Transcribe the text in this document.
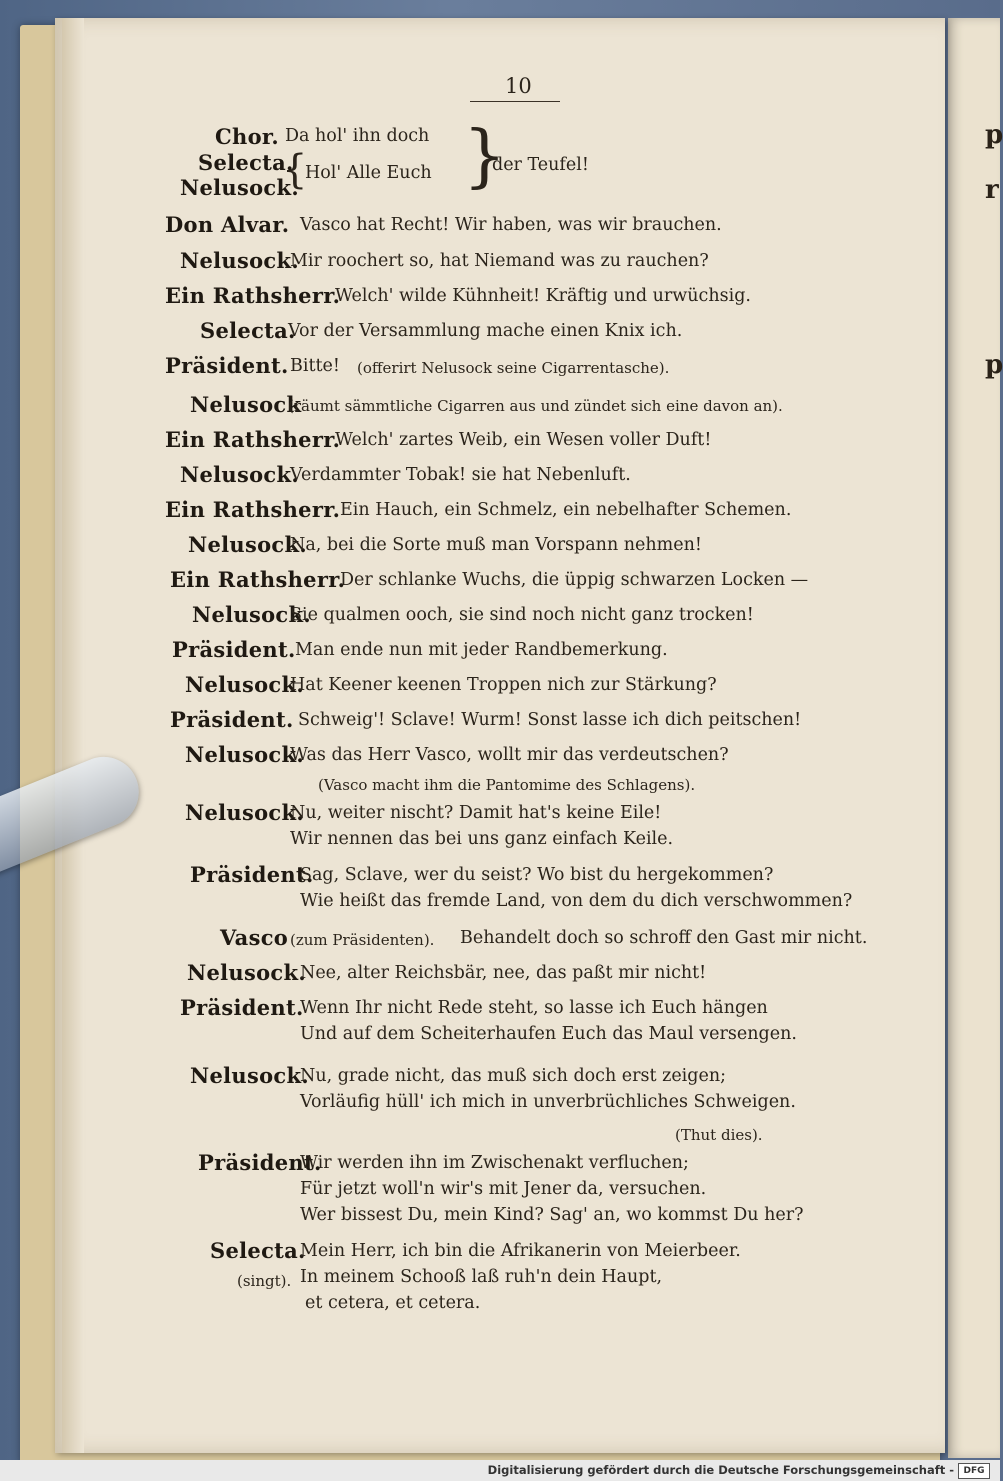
p
r
p
10
Chor.
Selecta.
Nelusock.
Da hol' ihn doch
{
Hol' Alle Euch }
der Teufel!
Don Alvar. Vasco hat Recht! Wir haben, was wir brauchen.
Nelusock.
Mir roochert so, hat Niemand was zu rauchen?
Ein Rathsherr.
Welch' wilde Kühnheit! Kräftig und urwüchsig.
Selecta.
Vor der Versammlung mache einen Knix ich.
Präsident. Bitte! (offerirt Nelusock seine Cigarrentasche).
Nelusock
(räumt sämmtliche Cigarren aus und zündet sich eine davon an).
Ein Rathsherr.
Welch' zartes Weib, ein Wesen voller Duft!
Nelusock.
Verdammter Tobak! sie hat Nebenluft.
Ein Rathsherr. Ein Hauch, ein Schmelz, ein nebelhafter Schemen.
Nelusock.
Na, bei die Sorte muß man Vorspann nehmen!
Ein Rathsherr.
Der schlanke Wuchs, die üppig schwarzen Locken —
Nelusock.
Sie qualmen ooch, sie sind noch nicht ganz trocken!
Präsident. Man ende nun mit jeder Randbemerkung.
Nelusock.
Hat Keener keenen Troppen nich zur Stärkung?
Präsident. Schweig'! Sclave! Wurm! Sonst lasse ich dich peitschen!
Nelusock.
Was das Herr Vasco, wollt mir das verdeutschen?
(Vasco macht ihm die Pantomime des Schlagens).
Nelusock.
Nu, weiter nischt? Damit hat's keine Eile!
Wir nennen das bei uns ganz einfach Keile.
Präsident.
Sag, Sclave, wer du seist? Wo bist du hergekommen?
Wie heißt das fremde Land, von dem du dich verschwommen?
Vasco (zum Präsidenten). Behandelt doch so schroff den Gast mir nicht.
Nelusock.
Nee, alter Reichsbär, nee, das paßt mir nicht!
Präsident.
Wenn Ihr nicht Rede steht, so lasse ich Euch hängen
Und auf dem Scheiterhaufen Euch das Maul versengen.
Nelusock.
Nu, grade nicht, das muß sich doch erst zeigen;
Vorläufig hüll' ich mich in unverbrüchliches Schweigen.
(Thut dies).
Präsident.
Wir werden ihn im Zwischenakt verfluchen;
Für jetzt woll'n wir's mit Jener da, versuchen.
Wer bissest Du, mein Kind? Sag' an, wo kommst Du her?
Selecta.
(singt).
Mein Herr, ich bin die Afrikanerin von Meierbeer.
In meinem Schooß laß ruh'n dein Haupt,
et cetera, et cetera.
Digitalisierung gefördert durch die Deutsche Forschungsgemeinschaft -	DFG
